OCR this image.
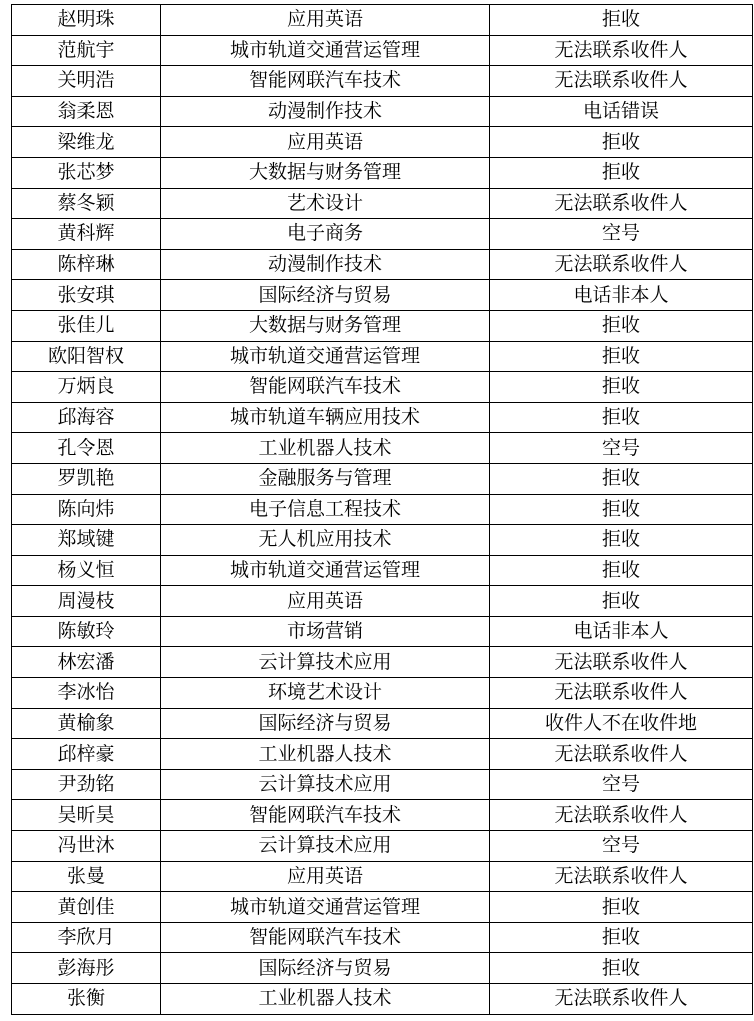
赵明珠	应用英语	拒收
范航宇	城市轨道交通营运管理	无法联系收件人
关明浩	智能网联汽车技术	无法联系收件人
翁柔恩	动漫制作技术	电话错误
梁维龙	应用英语	拒收
张芯梦	大数据与财务管理	拒收
蔡冬颖	艺术设计	无法联系收件人
黄科辉	电子商务	空号
陈梓琳	动漫制作技术	无法联系收件人
张安琪	国际经济与贸易	电话非本人
张佳儿	大数据与财务管理	拒收
欧阳智权	城市轨道交通营运管理	拒收
万炳良	智能网联汽车技术	拒收
邱海容	城市轨道车辆应用技术	拒收
孔令恩	工业机器人技术	空号
罗凯艳	金融服务与管理	拒收
陈向炜	电子信息工程技术	拒收
郑域键	无人机应用技术	拒收
杨义恒	城市轨道交通营运管理	拒收
周漫枝	应用英语	拒收
陈敏玲	市场营销	电话非本人
林宏潘	云计算技术应用	无法联系收件人
李冰怡	环境艺术设计	无法联系收件人
黄榆象	国际经济与贸易	收件人不在收件地
邱梓豪	工业机器人技术	无法联系收件人
尹劲铭	云计算技术应用	空号
吴昕昊	智能网联汽车技术	无法联系收件人
冯世沐	云计算技术应用	空号
张曼	应用英语	无法联系收件人
黄创佳	城市轨道交通营运管理	拒收
李欣月	智能网联汽车技术	拒收
彭海彤	国际经济与贸易	拒收
张衡	工业机器人技术	无法联系收件人
